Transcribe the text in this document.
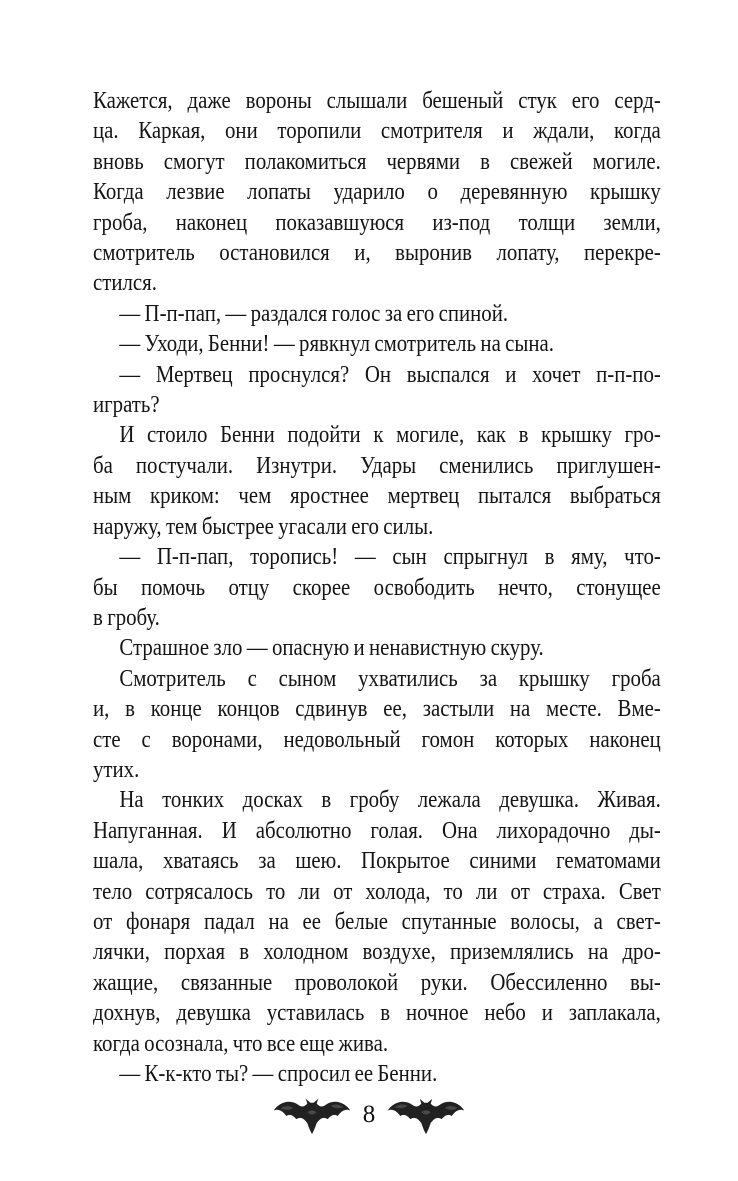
Кажется, даже вороны слышали бешеный стук его серд-
ца. Каркая, они торопили смотрителя и ждали, когда
вновь смогут полакомиться червями в свежей могиле.
Когда лезвие лопаты ударило о деревянную крышку
гроба, наконец показавшуюся из-под толщи земли,
смотритель остановился и, выронив лопату, перекре-
стился.
— П-п-пап, — раздался голос за его спиной.
— Уходи, Бенни! — рявкнул смотритель на сына.
— Мертвец проснулся? Он выспался и хочет п-п-по-
играть?
И стоило Бенни подойти к могиле, как в крышку гро-
ба постучали. Изнутри. Удары сменились приглушен-
ным криком: чем яростнее мертвец пытался выбраться
наружу, тем быстрее угасали его силы.
— П-п-пап, торопись! — сын спрыгнул в яму, что-
бы помочь отцу скорее освободить нечто, стонущее
в гробу.
Страшное зло — опасную и ненавистную скуру.
Смотритель с сыном ухватились за крышку гроба
и, в конце концов сдвинув ее, застыли на месте. Вме-
сте с воронами, недовольный гомон которых наконец
утих.
На тонких досках в гробу лежала девушка. Живая.
Напуганная. И абсолютно голая. Она лихорадочно ды-
шала, хватаясь за шею. Покрытое синими гематомами
тело сотрясалось то ли от холода, то ли от страха. Свет
от фонаря падал на ее белые спутанные волосы, а свет-
лячки, порхая в холодном воздухе, приземлялись на дро-
жащие, связанные проволокой руки. Обессиленно вы-
дохнув, девушка уставилась в ночное небо и заплакала,
когда осознала, что все еще жива.
— К-к-кто ты? — спросил ее Бенни.
8
